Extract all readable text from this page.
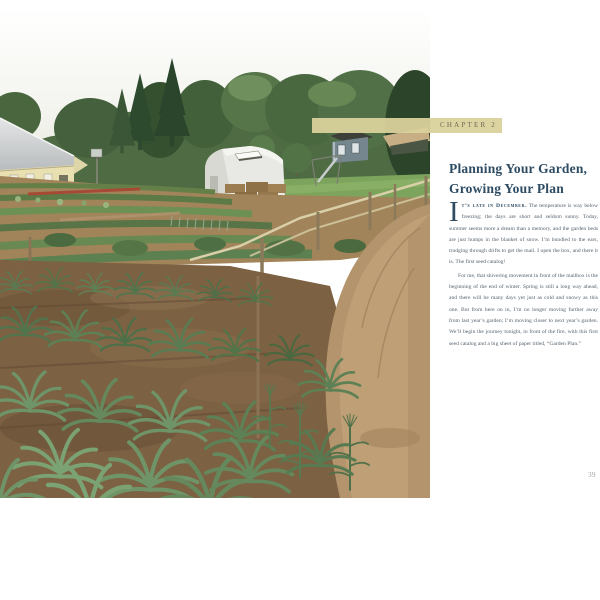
CHAPTER 2
Planning Your Garden,
Growing Your Plan

It’s late in December. The temperature is way below freezing; the days are short and seldom sunny. Today, summer seems more a dream than a memory, and the garden beds are just humps in the blanket of snow. I’m bundled to the ears, trudging through drifts to get the mail. I open the box, and there it is. The first seed catalog!

For me, that shivering movement in front of the mailbox is the beginning of the end of winter. Spring is still a long way ahead, and there will be many days yet just as cold and snowy as this one. But from here on in, I’m no longer moving further away from last year’s garden; I’m moving closer to next year’s garden. We’ll begin the journey tonight, in front of the fire, with this first seed catalog and a big sheet of paper titled, “Garden Plan.”

39
